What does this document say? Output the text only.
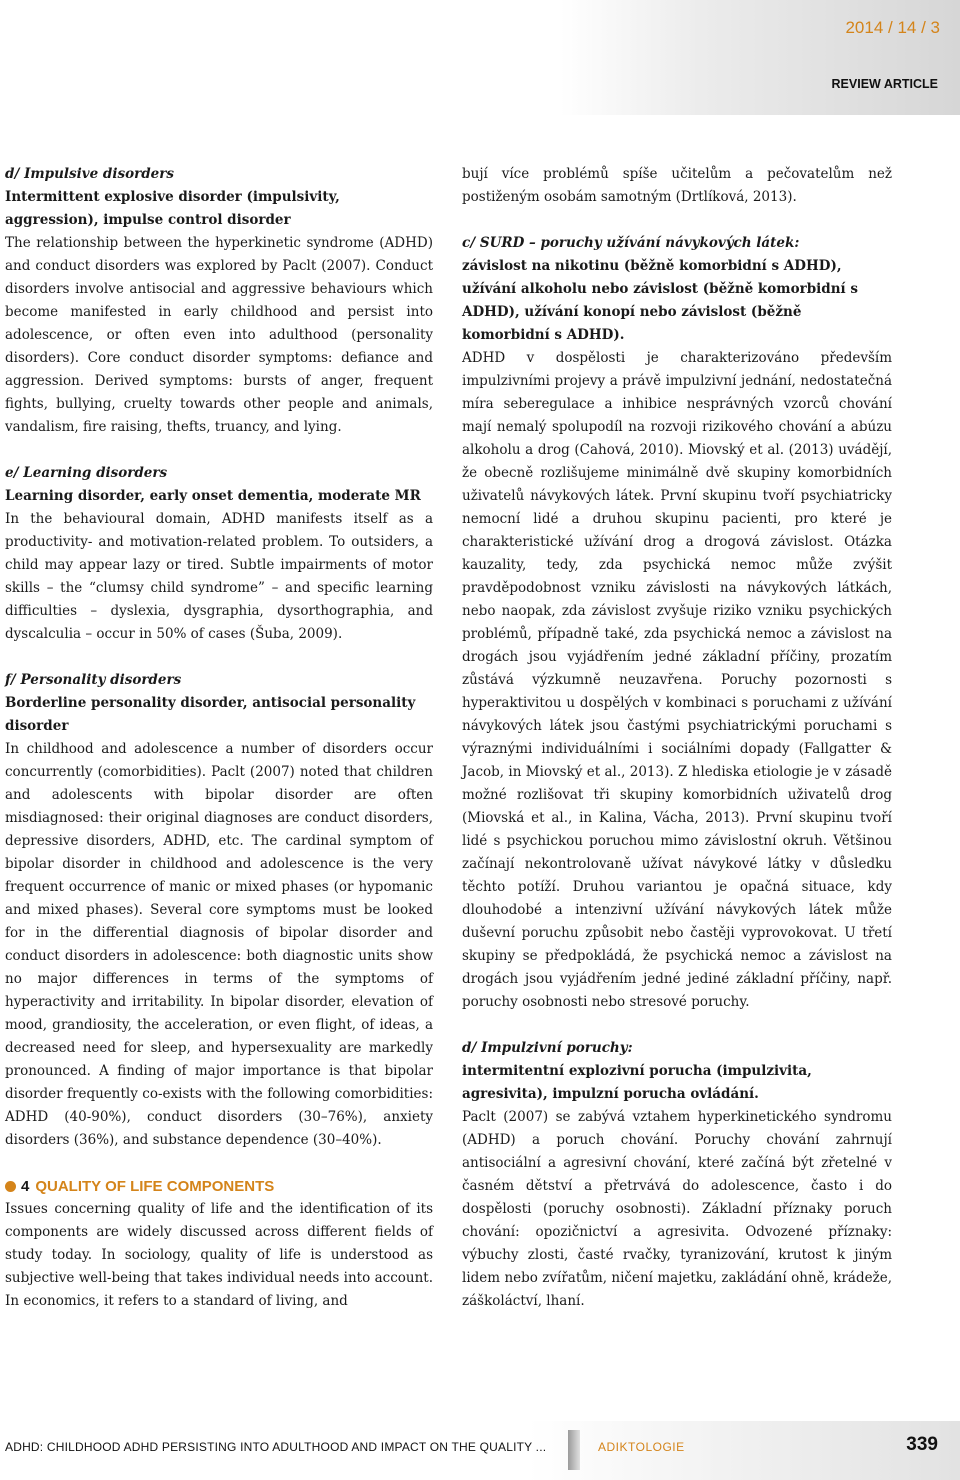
2014 / 14 / 3
REVIEW ARTICLE

d/ Impulsive disorders

Intermittent explosive disorder (impulsivity, aggression), impulse control disorder

The relationship between the hyperkinetic syndrome (ADHD) and conduct disorders was explored by Paclt (2007). Conduct disorders involve antisocial and aggressive behaviours which become manifested in early childhood and persist into adolescence, or often even into adulthood (personality disorders). Core conduct disorder symptoms: defiance and aggression. Derived symptoms: bursts of anger, frequent fights, bullying, cruelty towards other people and animals, vandalism, fire raising, thefts, truancy, and lying.

e/ Learning disorders

Learning disorder, early onset dementia, moderate MR

In the behavioural domain, ADHD manifests itself as a productivity- and motivation-related problem. To outsiders, a child may appear lazy or tired. Subtle impairments of motor skills – the “clumsy child syndrome” – and specific learning difficulties – dyslexia, dysgraphia, dysorthographia, and dyscalculia – occur in 50% of cases (Šuba, 2009).

f/ Personality disorders

Borderline personality disorder, antisocial personality disorder

In childhood and adolescence a number of disorders occur concurrently (comorbidities). Paclt (2007) noted that children and adolescents with bipolar disorder are often misdiagnosed: their original diagnoses are conduct disorders, depressive disorders, ADHD, etc. The cardinal symptom of bipolar disorder in childhood and adolescence is the very frequent occurrence of manic or mixed phases (or hypomanic and mixed phases). Several core symptoms must be looked for in the differential diagnosis of bipolar disorder and conduct disorders in adolescence: both diagnostic units show no major differences in terms of the symptoms of hyperactivity and irritability. In bipolar disorder, elevation of mood, grandiosity, the acceleration, or even flight, of ideas, a decreased need for sleep, and hypersexuality are markedly pronounced. A finding of major importance is that bipolar disorder frequently co-exists with the following comorbidities: ADHD (40-90%), conduct disorders (30–76%), anxiety disorders (36%), and substance dependence (30–40%).

4 QUALITY OF LIFE COMPONENTS

Issues concerning quality of life and the identification of its components are widely discussed across different fields of study today. In sociology, quality of life is understood as subjective well-being that takes individual needs into account. In economics, it refers to a standard of living, and

bují více problémů spíše učitelům a pečovatelům než postiženým osobám samotným (Drtlíková, 2013).

c/ SURD – poruchy užívání návykových látek:

závislost na nikotinu (běžně komorbidní s ADHD), užívání alkoholu nebo závislost (běžně komorbidní s ADHD), užívání konopí nebo závislost (běžně komorbidní s ADHD).

ADHD v dospělosti je charakterizováno především impulzivními projevy a právě impulzivní jednání, nedostatečná míra seberegulace a inhibice nesprávných vzorců chování mají nemalý spolupodíl na rozvoji rizikového chování a abúzu alkoholu a drog (Cahová, 2010). Miovský et al. (2013) uvádějí, že obecně rozlišujeme minimálně dvě skupiny komorbidních uživatelů návykových látek. První skupinu tvoří psychiatricky nemocní lidé a druhou skupinu pacienti, pro které je charakteristické užívání drog a drogová závislost. Otázka kauzality, tedy, zda psychická nemoc může zvýšit pravděpodobnost vzniku závislosti na návykových látkách, nebo naopak, zda závislost zvyšuje riziko vzniku psychických problémů, případně také, zda psychická nemoc a závislost na drogách jsou vyjádřením jedné základní příčiny, prozatím zůstává výzkumně neuzavřena. Poruchy pozornosti s hyperaktivitou u dospělých v kombinaci s poruchami z užívání návykových látek jsou častými psychiatrickými poruchami s výraznými individuálními i sociálními dopady (Fallgatter & Jacob, in Miovský et al., 2013). Z hlediska etiologie je v zásadě možné rozlišovat tři skupiny komorbidních uživatelů drog (Miovská et al., in Kalina, Vácha, 2013). První skupinu tvoří lidé s psychickou poruchou mimo závislostní okruh. Většinou začínají nekontrolovaně užívat návykové látky v důsledku těchto potíží. Druhou variantou je opačná situace, kdy dlouhodobé a intenzivní užívání návykových látek může duševní poruchu způsobit nebo častěji vyprovokovat. U třetí skupiny se předpokládá, že psychická nemoc a závislost na drogách jsou vyjádřením jedné jediné základní příčiny, např. poruchy osobnosti nebo stresové poruchy.

d/ Impulzivní poruchy:

intermitentní explozivní porucha (impulzivita, agresivita), impulzní porucha ovládání.

Paclt (2007) se zabývá vztahem hyperkinetického syndromu (ADHD) a poruch chování. Poruchy chování zahrnují antisociální a agresivní chování, které začíná být zřetelné v časném dětství a přetrvává do adolescence, často i do dospělosti (poruchy osobnosti). Základní příznaky poruch chování: opozičnictví a agresivita. Odvozené příznaky: výbuchy zlosti, časté rvačky, tyranizování, krutost k jiným lidem nebo zvířatům, ničení majetku, zakládání ohně, krádeže, záškoláctví, lhaní.

ADHD: CHILDHOOD ADHD PERSISTING INTO ADULTHOOD AND IMPACT ON THE QUALITY ...	ADIKTOLOGIE	339
